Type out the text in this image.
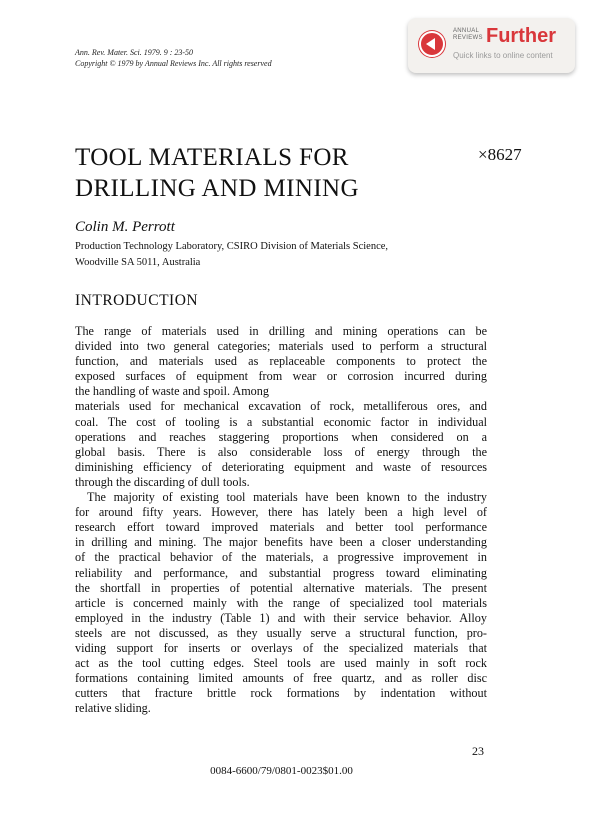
Ann. Rev. Mater. Sci. 1979. 9 : 23-50
Copyright © 1979 by Annual Reviews Inc. All rights reserved
ANNUAL
REVIEWS Further
Quick links to online content
TOOL MATERIALS FOR
DRILLING AND MINING
×8627
Colin M. Perrott
Production Technology Laboratory, CSIRO Division of Materials Science,
Woodville SA 5011, Australia
INTRODUCTION

The range of materials used in drilling and mining operations can be

divided into two general categories; materials used to perform a structural

function, and materials used as replaceable components to protect the

exposed surfaces of equipment from wear or corrosion incurred during

the handling of waste and spoil. Among

materials used for mechanical excavation of rock, metalliferous ores, and

coal. The cost of tooling is a substantial economic factor in individual

operations and reaches staggering proportions when considered on a

global basis. There is also considerable loss of energy through the

diminishing efficiency of deteriorating equipment and waste of resources

through the discarding of dull tools.

The majority of existing tool materials have been known to the industry

for around fifty years. However, there has lately been a high level of

research effort toward improved materials and better tool performance

in drilling and mining. The major benefits have been a closer understanding

of the practical behavior of the materials, a progressive improvement in

reliability and performance, and substantial progress toward eliminating

the shortfall in properties of potential alternative materials. The present

article is concerned mainly with the range of specialized tool materials

employed in the industry (Table 1) and with their service behavior. Alloy

steels are not discussed, as they usually serve a structural function, pro-

viding support for inserts or overlays of the specialized materials that

act as the tool cutting edges. Steel tools are used mainly in soft rock

formations containing limited amounts of free quartz, and as roller disc

cutters that fracture brittle rock formations by indentation without

relative sliding.

23
0084-6600/79/0801-0023$01.00
